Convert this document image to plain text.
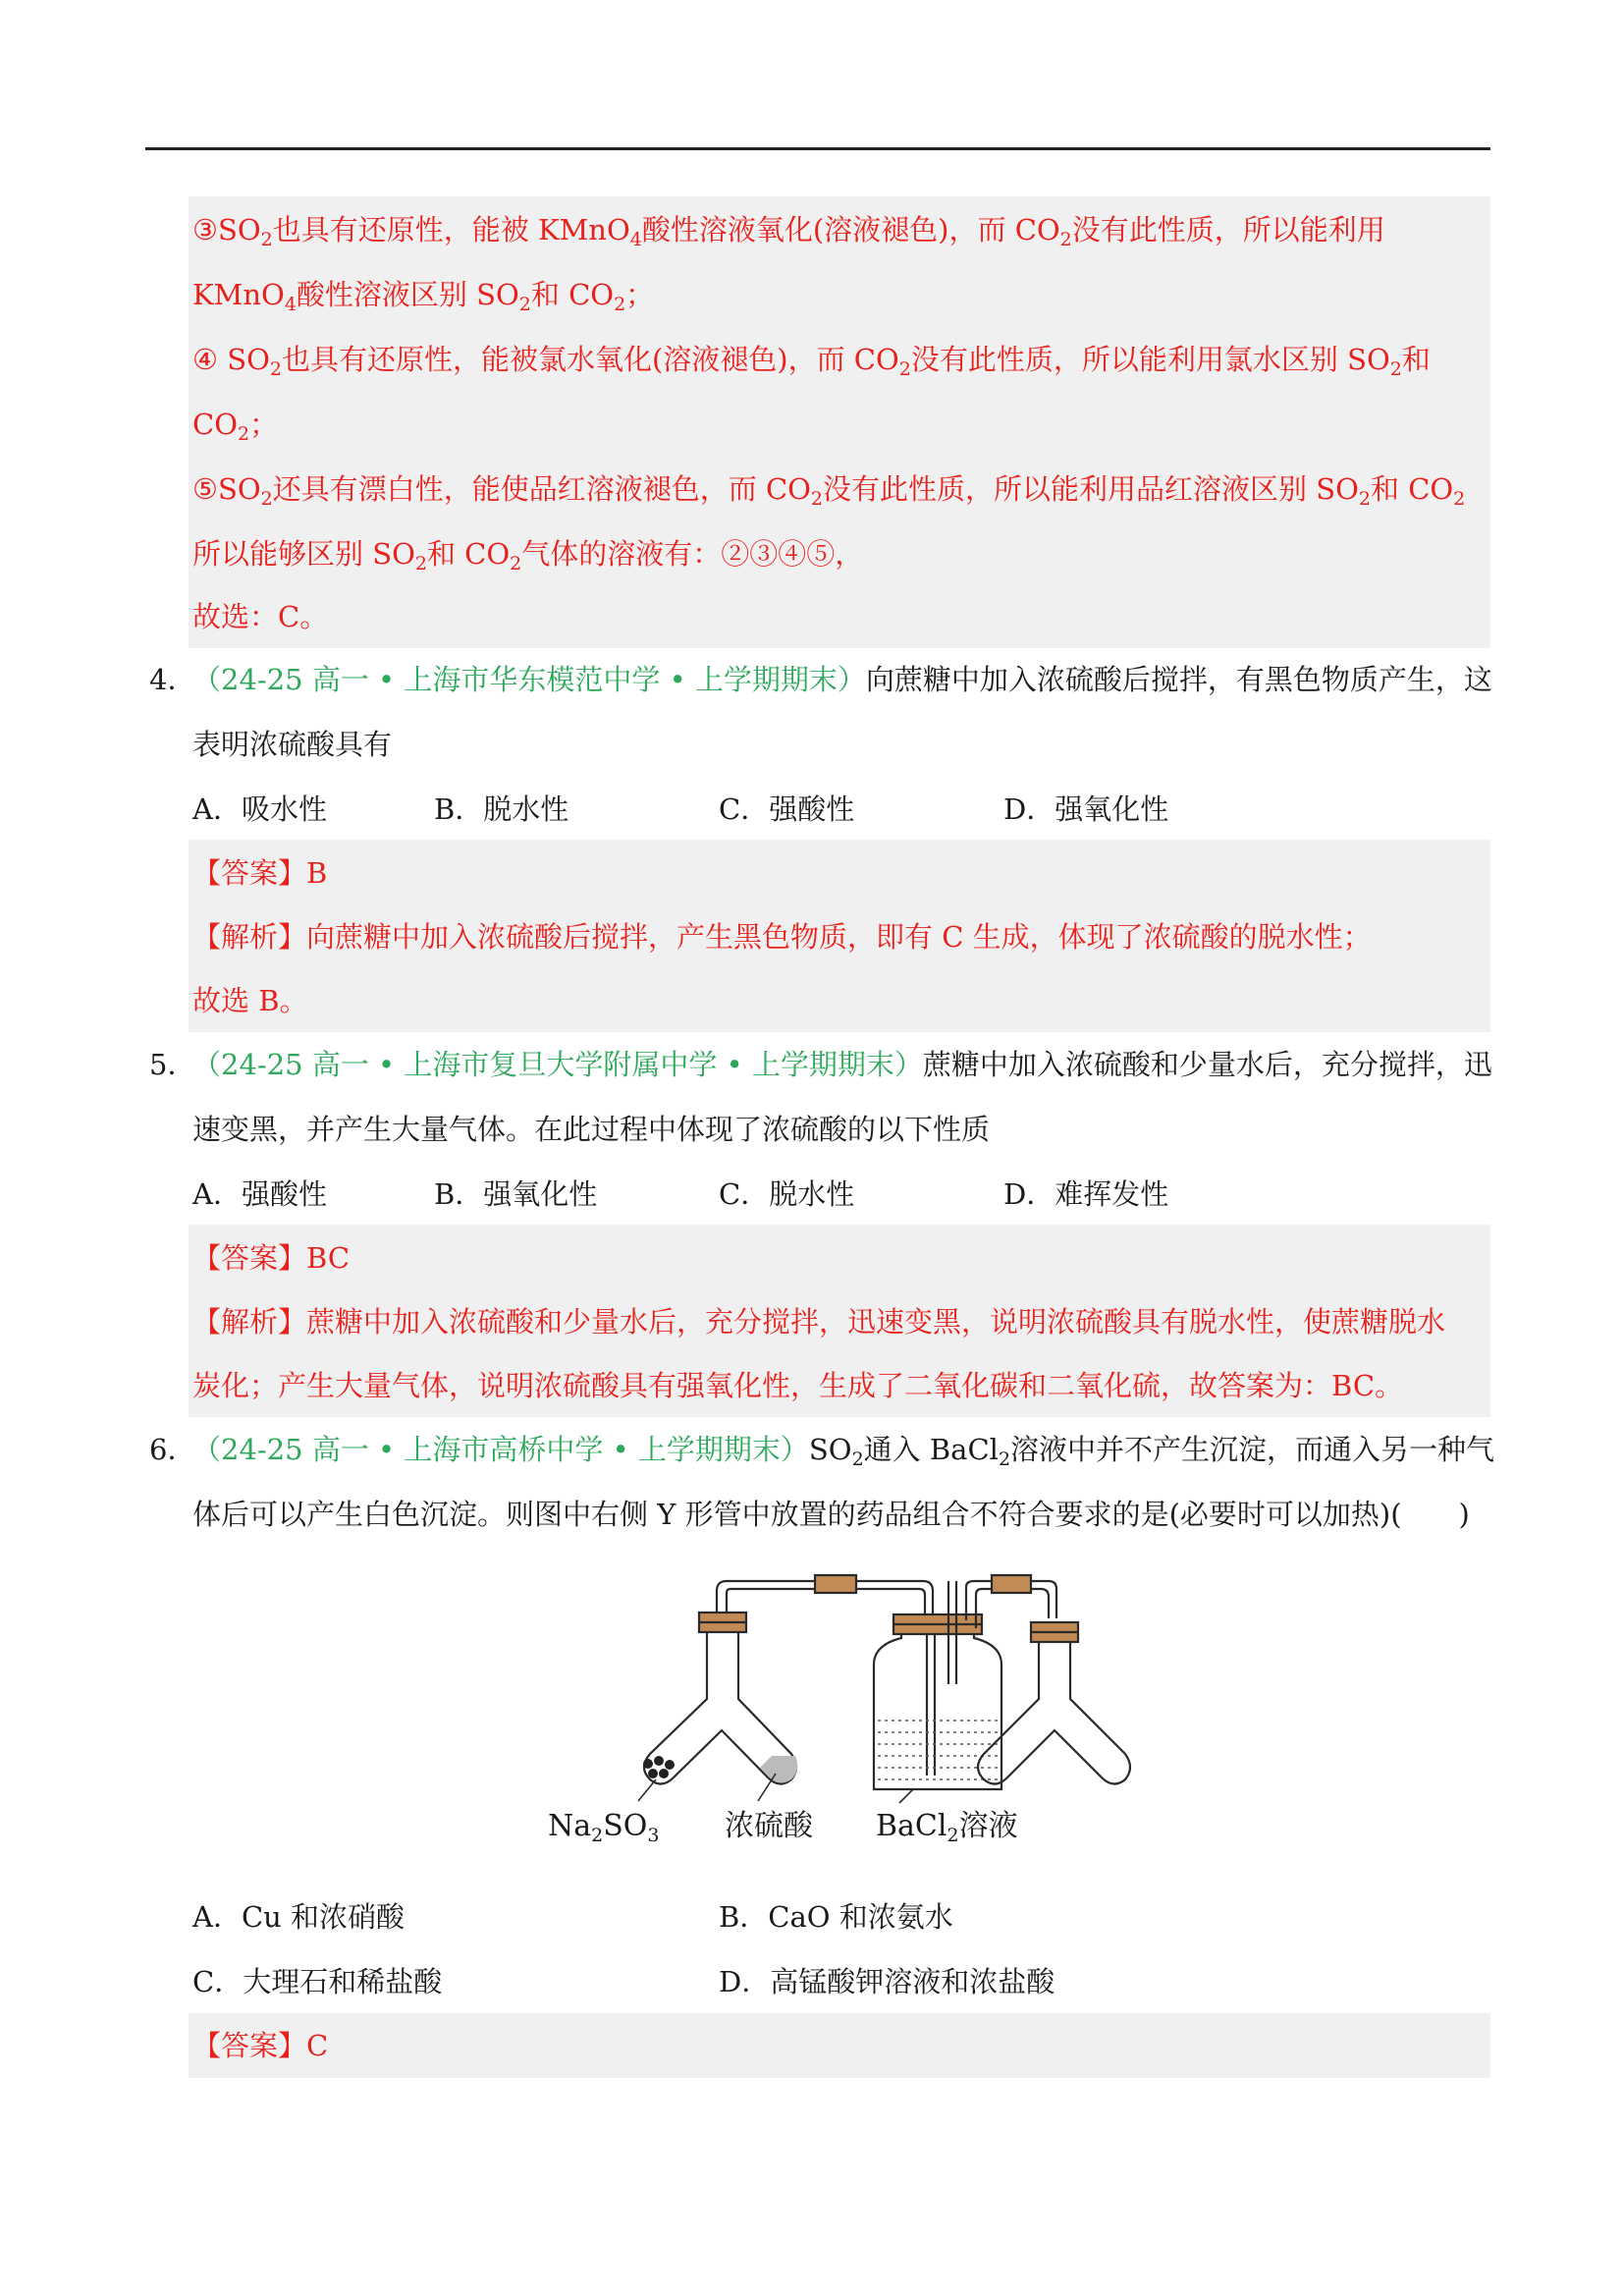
$③SO_2$也具有还原性，能被 KMnO$_4$酸性溶液氧化(溶液褪色)，而 $CO_2$没有此性质，所以能利用
KMnO$_4$酸性溶液区别 $SO_2$和 $CO_2$；
④ $SO_2$也具有还原性，能被氯水氧化(溶液褪色)，而 $CO_2$没有此性质，所以能利用氯水区别 $SO_2$和
$CO_2$；
$⑤SO_2$还具有漂白性，能使品红溶液褪色，而 $CO_2$没有此性质，所以能利用品红溶液区别 $SO_2$和 $CO_2$
所以能够区别 $SO_2$和 $CO_2$气体的溶液有：②③④⑤，
故选：C。
4．
（24-25 高一 • 上海市华东模范中学 • 上学期期末）向蔗糖中加入浓硫酸后搅拌，有黑色物质产生，这
表明浓硫酸具有
A．吸水性	B．脱水性	C．强酸性	D．强氧化性
【答案】B
【解析】向蔗糖中加入浓硫酸后搅拌，产生黑色物质，即有 C 生成，体现了浓硫酸的脱水性；
故选 B。
5．
（24-25 高一 • 上海市复旦大学附属中学 • 上学期期末）蔗糖中加入浓硫酸和少量水后，充分搅拌，迅
速变黑，并产生大量气体。在此过程中体现了浓硫酸的以下性质
A．强酸性	B．强氧化性	C．脱水性	D．难挥发性
【答案】BC
【解析】蔗糖中加入浓硫酸和少量水后，充分搅拌，迅速变黑，说明浓硫酸具有脱水性，使蔗糖脱水
炭化；产生大量气体，说明浓硫酸具有强氧化性，生成了二氧化碳和二氧化硫，故答案为：BC。
6．
（24-25 高一 • 上海市高桥中学 • 上学期期末）$SO_2$通入 BaCl$_2$溶液中并不产生沉淀，而通入另一种气
体后可以产生白色沉淀。则图中右侧 Y 形管中放置的药品组合不符合要求的是(必要时可以加热)(　　)
$Na_2SO_3$ 浓硫酸 BaCl$_2$溶液
A．Cu 和浓硝酸	B．CaO 和浓氨水
C．大理石和稀盐酸	D．高锰酸钾溶液和浓盐酸
【答案】C
